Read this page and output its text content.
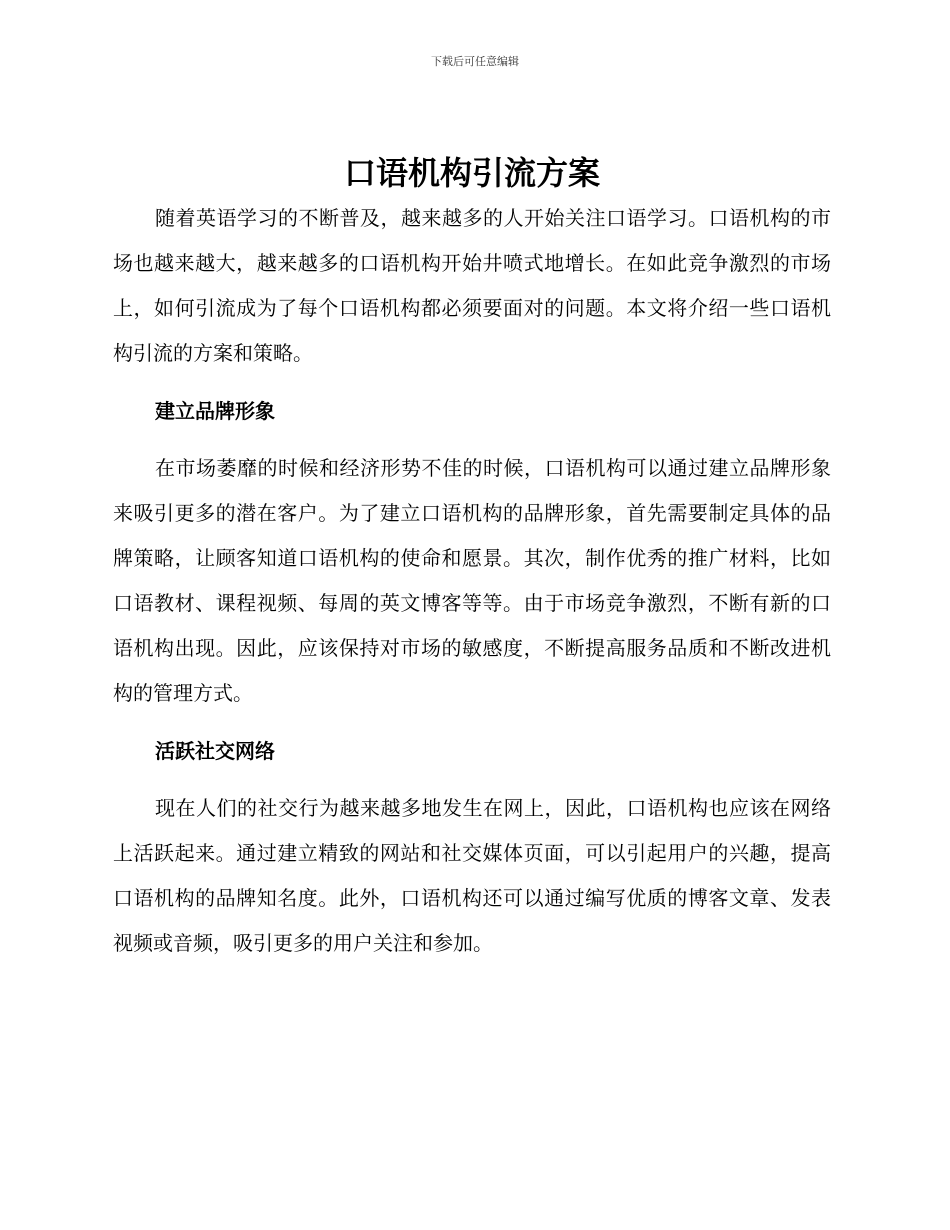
下载后可任意编辑
口语机构引流方案

随着英语学习的不断普及，越来越多的人开始关注口语学习。口语机构的市场也越来越大，越来越多的口语机构开始井喷式地增长。在如此竞争激烈的市场上，如何引流成为了每个口语机构都必须要面对的问题。本文将介绍一些口语机构引流的方案和策略。

建立品牌形象

在市场萎靡的时候和经济形势不佳的时候，口语机构可以通过建立品牌形象来吸引更多的潜在客户。为了建立口语机构的品牌形象，首先需要制定具体的品牌策略，让顾客知道口语机构的使命和愿景。其次，制作优秀的推广材料，比如口语教材、课程视频、每周的英文博客等等。由于市场竞争激烈，不断有新的口语机构出现。因此，应该保持对市场的敏感度，不断提高服务品质和不断改进机构的管理方式。

活跃社交网络

现在人们的社交行为越来越多地发生在网上，因此，口语机构也应该在网络上活跃起来。通过建立精致的网站和社交媒体页面，可以引起用户的兴趣，提高口语机构的品牌知名度。此外，口语机构还可以通过编写优质的博客文章、发表视频或音频，吸引更多的用户关注和参加。
